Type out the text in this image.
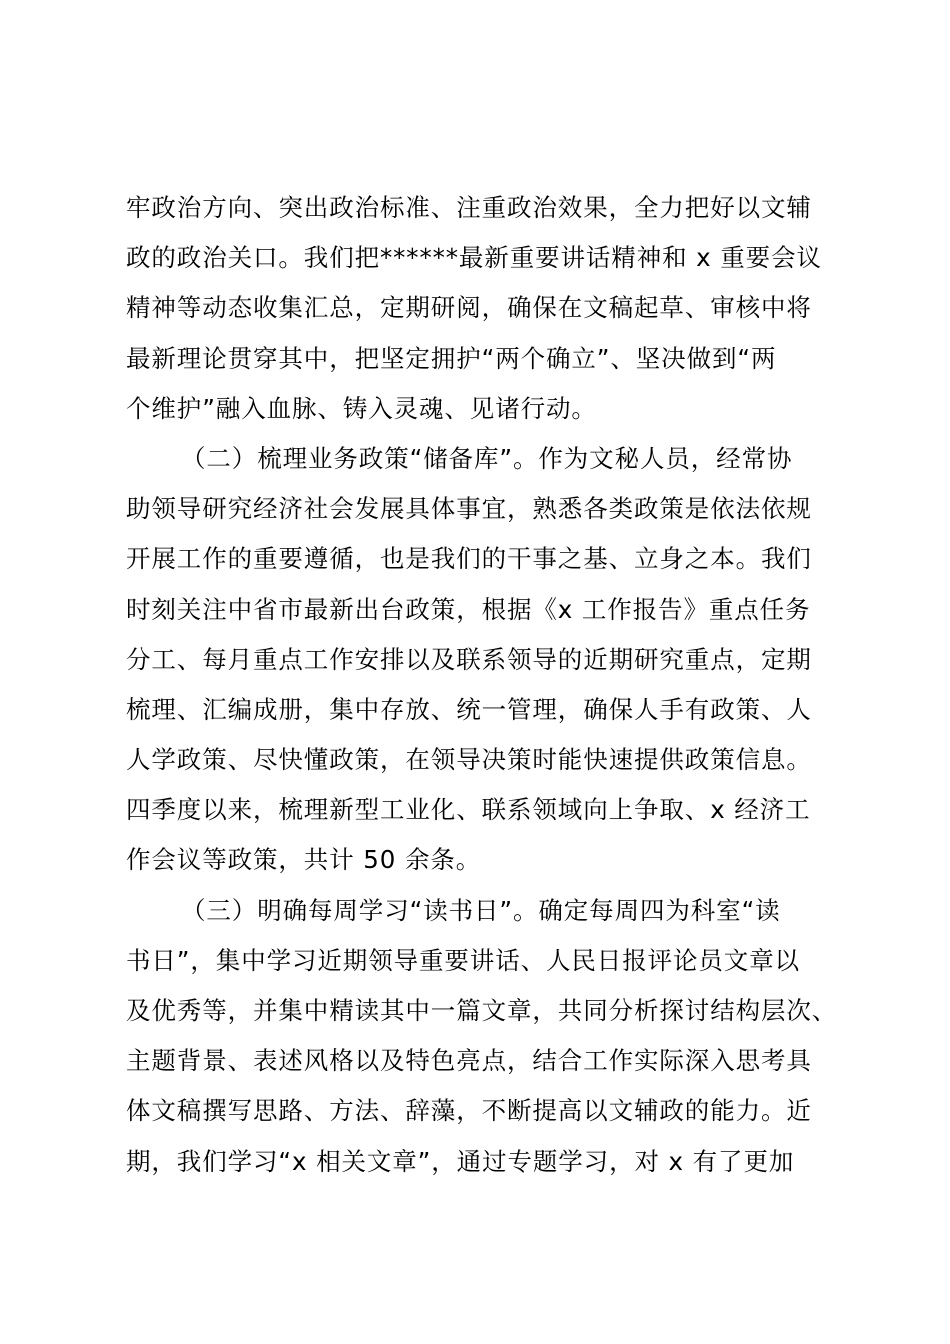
牢政治方向、突出政治标准、注重政治效果，全力把好以文辅
政的政治关口。我们把******最新重要讲话精神和 x 重要会议
精神等动态收集汇总，定期研阅，确保在文稿起草、审核中将
最新理论贯穿其中，把坚定拥护“两个确立”、坚决做到“两
个维护”融入血脉、铸入灵魂、见诸行动。
（二）梳理业务政策“储备库”。作为文秘人员，经常协
助领导研究经济社会发展具体事宜，熟悉各类政策是依法依规
开展工作的重要遵循，也是我们的干事之基、立身之本。我们
时刻关注中省市最新出台政策，根据《x 工作报告》重点任务
分工、每月重点工作安排以及联系领导的近期研究重点，定期
梳理、汇编成册，集中存放、统一管理，确保人手有政策、人
人学政策、尽快懂政策，在领导决策时能快速提供政策信息。
四季度以来，梳理新型工业化、联系领域向上争取、x 经济工
作会议等政策，共计 50 余条。
（三）明确每周学习“读书日”。确定每周四为科室“读
书日”，集中学习近期领导重要讲话、人民日报评论员文章以
及优秀等，并集中精读其中一篇文章，共同分析探讨结构层次、
主题背景、表述风格以及特色亮点，结合工作实际深入思考具
体文稿撰写思路、方法、辞藻，不断提高以文辅政的能力。近
期，我们学习“x 相关文章”，通过专题学习，对 x 有了更加
